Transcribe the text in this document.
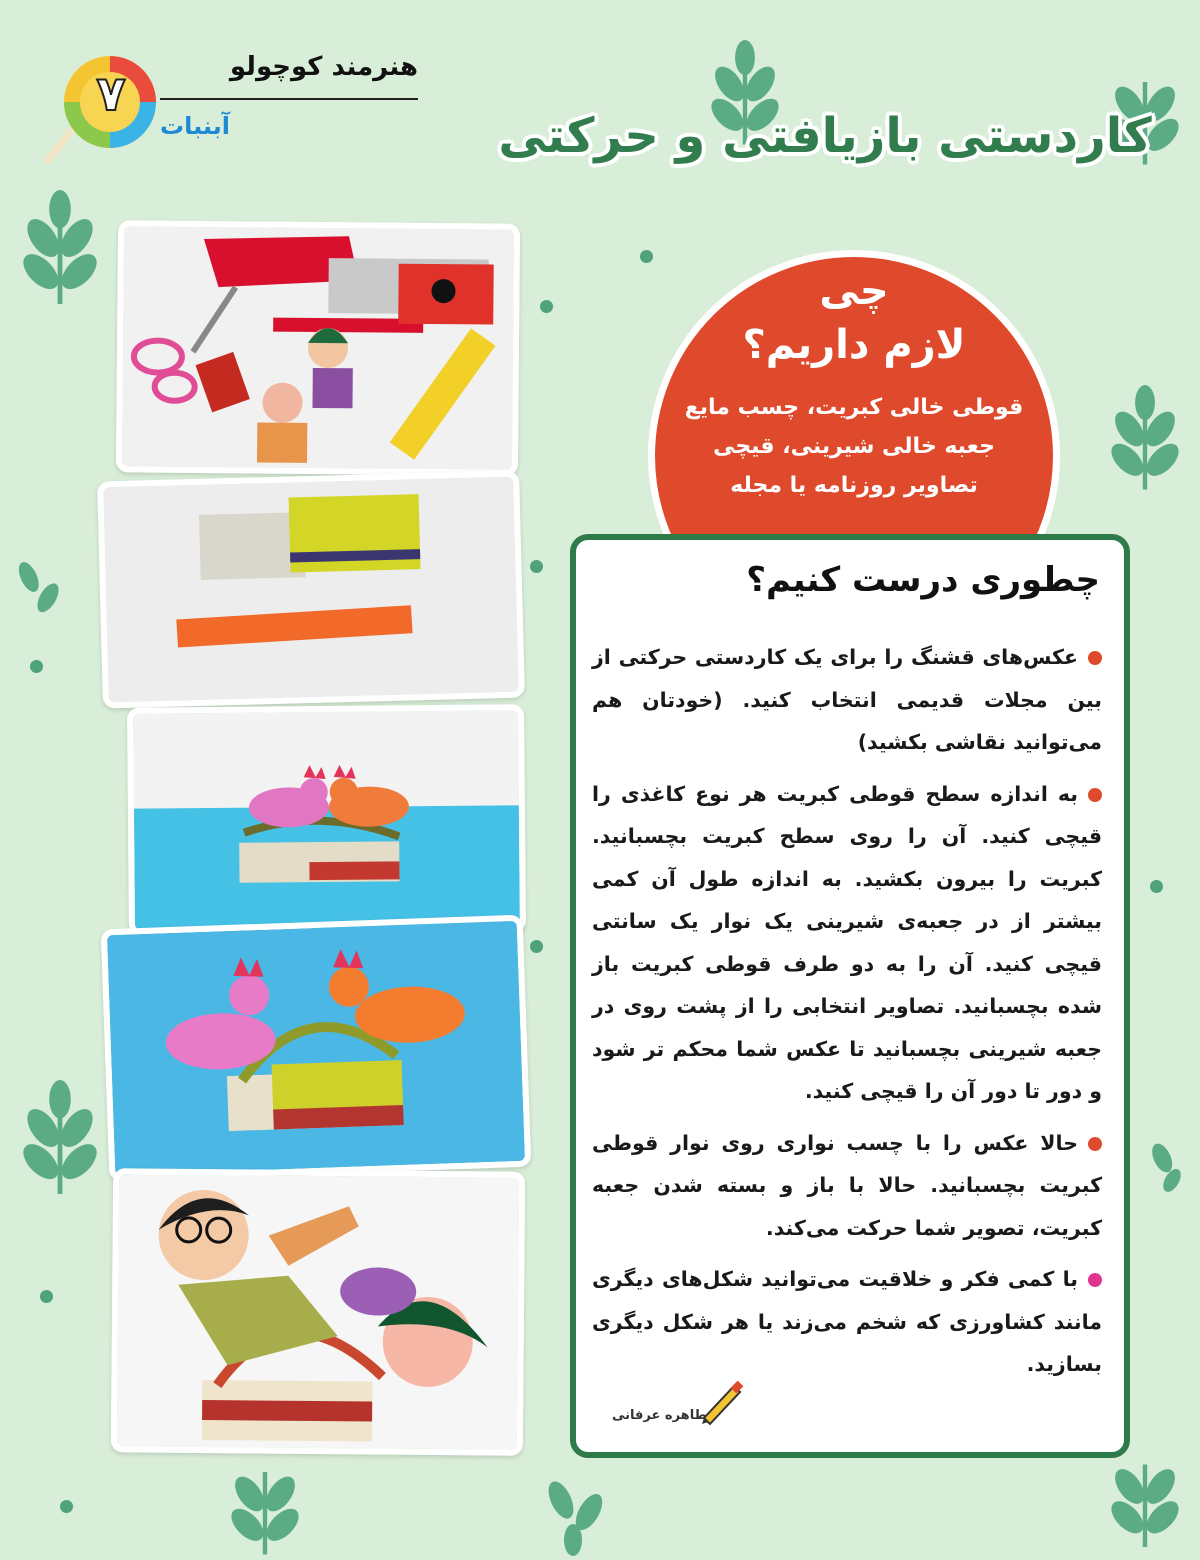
۷	هنرمند کوچولو
آبنبات	کاردستی بازیافتی و حرکتی
چی
لازم داریم؟
قوطی خالی کبریت، چسب مایع
جعبه خالی شیرینی، قیچی
تصاویر روزنامه یا مجله
چطوری درست کنیم؟

عکس‌های قشنگ را برای یک کاردستی حرکتی از بین مجلات قدیمی انتخاب کنید. (خودتان هم می‌توانید نقاشی بکشید)

به اندازه سطح قوطی کبریت هر نوع کاغذی را قیچی کنید. آن را روی سطح کبریت بچسبانید. کبریت را بیرون بکشید. به اندازه طول آن کمی بیشتر از در جعبه‌ی شیرینی یک نوار یک سانتی قیچی کنید. آن را به دو طرف قوطی کبریت باز شده بچسبانید. تصاویر انتخابی را از پشت روی در جعبه شیرینی بچسبانید تا عکس شما محکم تر شود و دور تا دور آن را قیچی کنید.

حالا عکس را با چسب نواری روی نوار قوطی کبریت بچسبانید. حالا با باز و بسته شدن جعبه کبریت، تصویر شما حرکت می‌کند.

با کمی فکر و خلاقیت می‌توانید شکل‌های دیگری مانند کشاورزی که شخم می‌زند یا هر شکل دیگری بسازید.

طاهره عرفانی
